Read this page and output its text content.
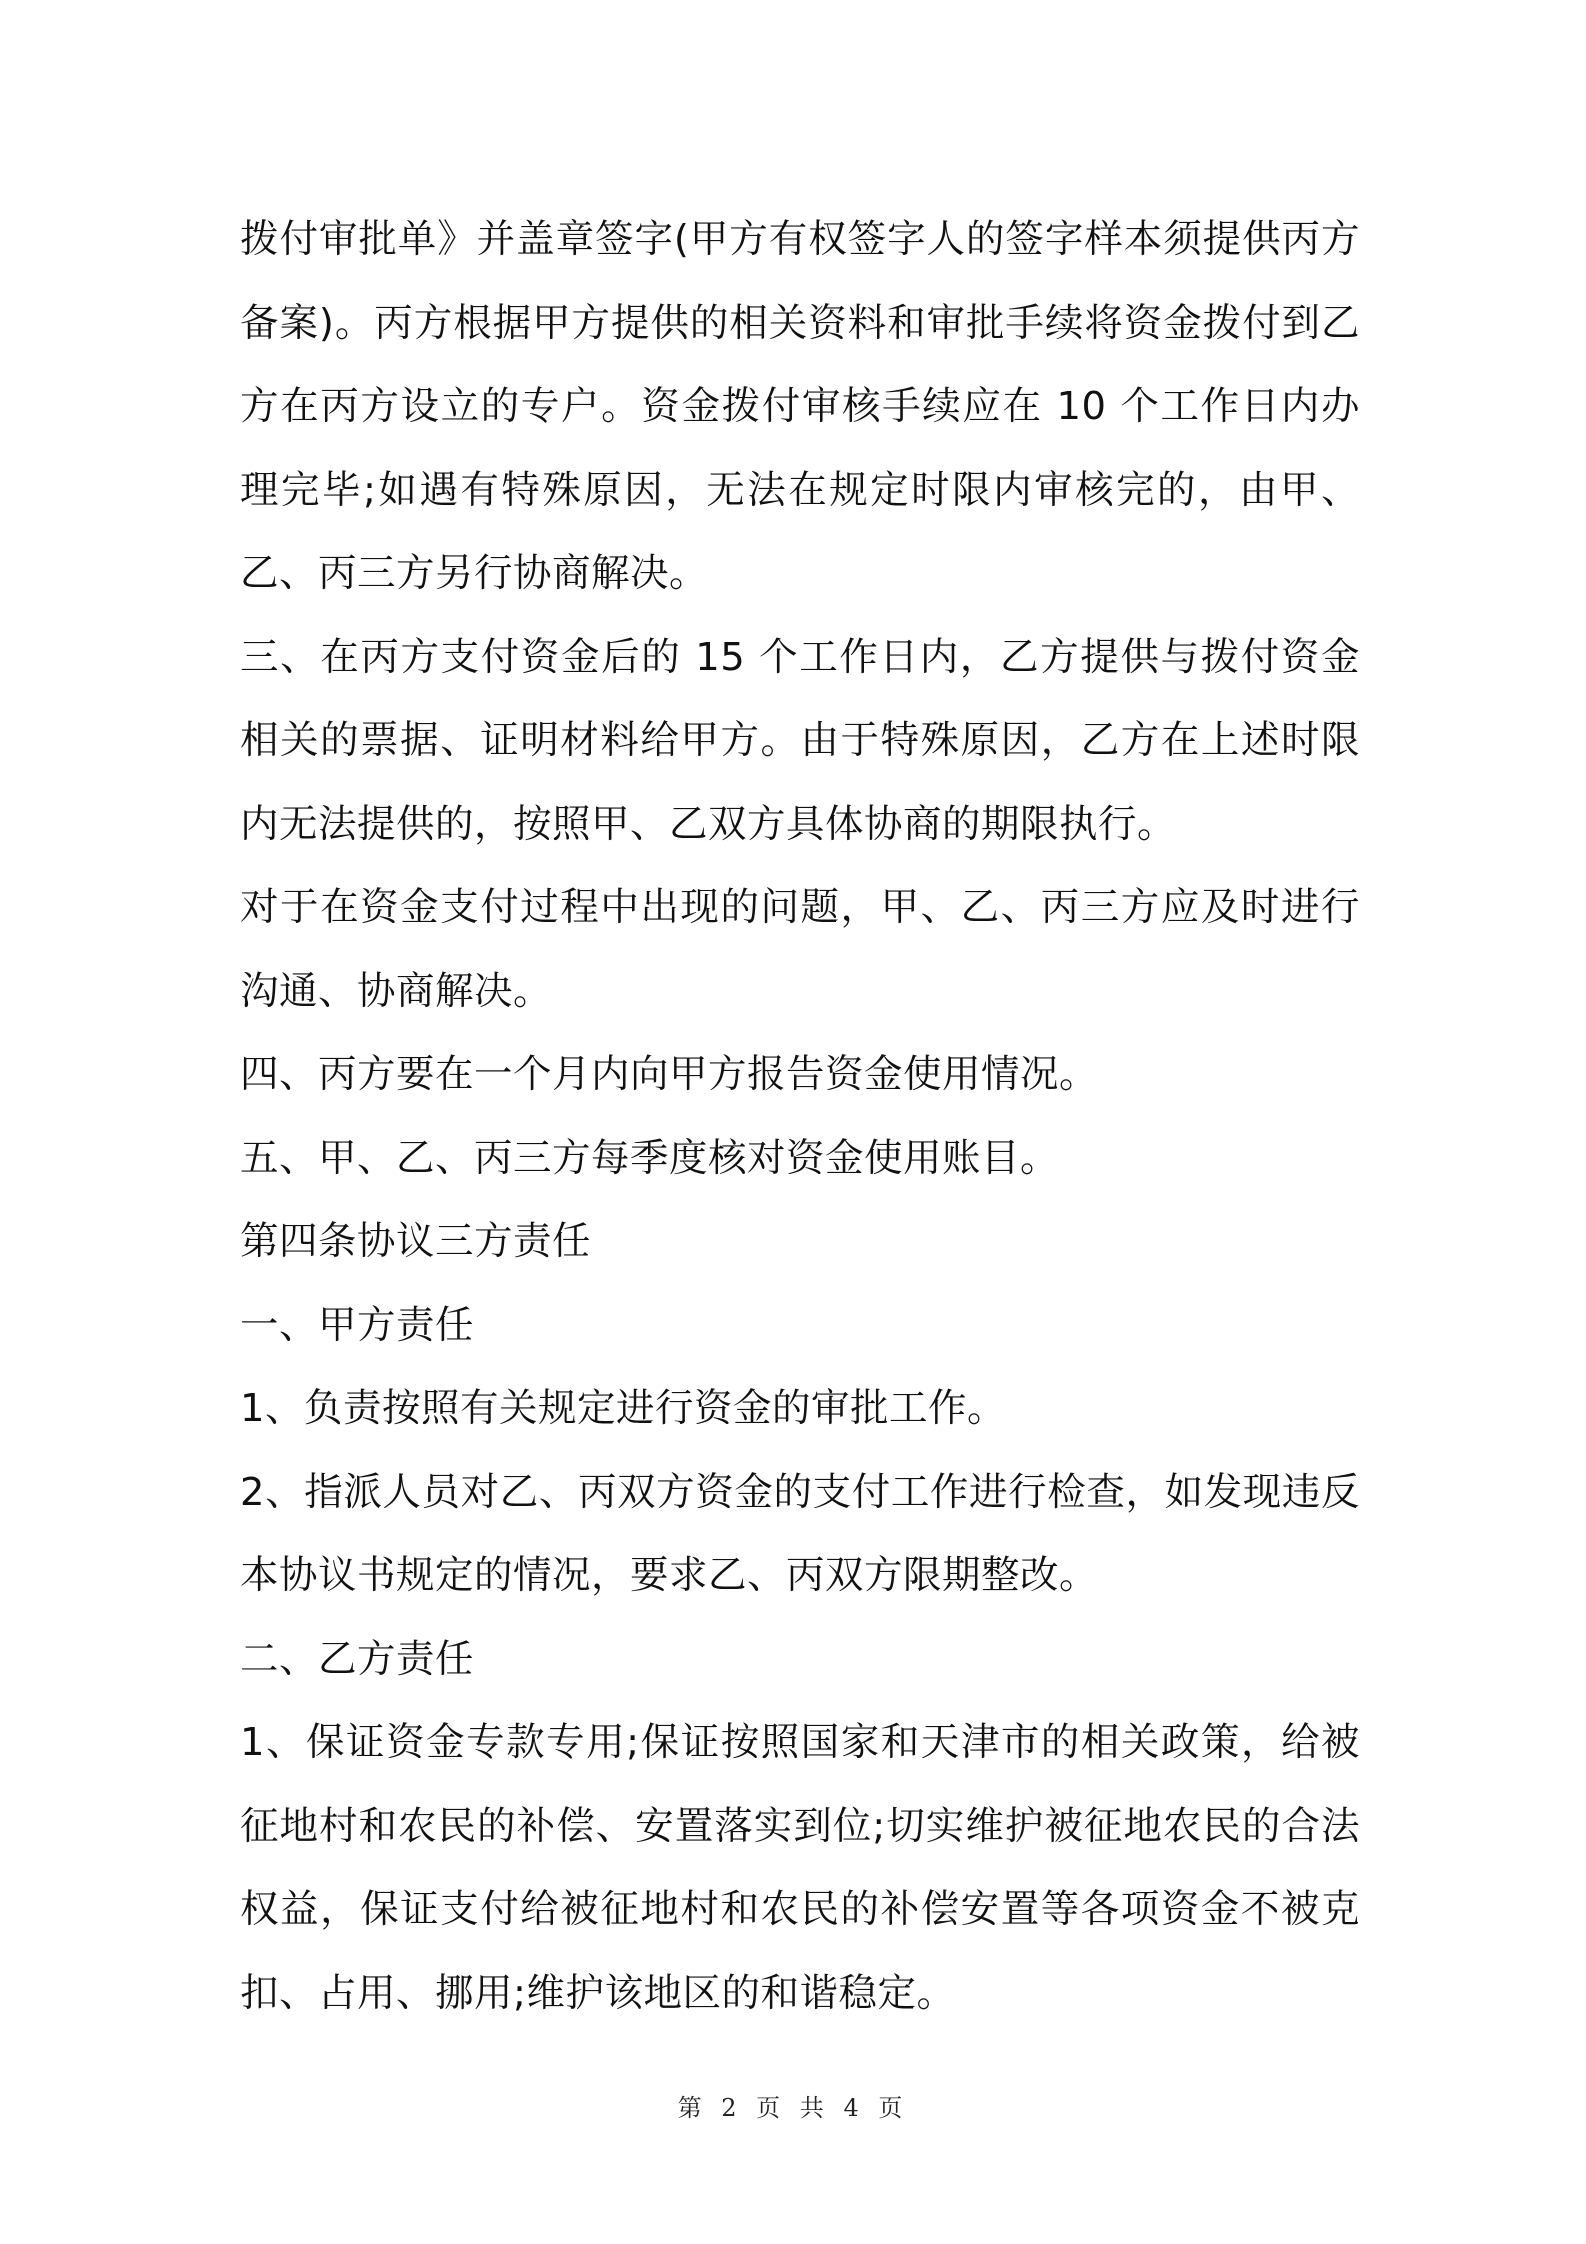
拨付审批单》并盖章签字(甲方有权签字人的签字样本须提供丙方备案)。丙方根据甲方提供的相关资料和审批手续将资金拨付到乙方在丙方设立的专户。资金拨付审核手续应在 10 个工作日内办理完毕;如遇有特殊原因，无法在规定时限内审核完的，由甲、乙、丙三方另行协商解决。

三、在丙方支付资金后的 15 个工作日内，乙方提供与拨付资金相关的票据、证明材料给甲方。由于特殊原因，乙方在上述时限内无法提供的，按照甲、乙双方具体协商的期限执行。

对于在资金支付过程中出现的问题，甲、乙、丙三方应及时进行沟通、协商解决。

四、丙方要在一个月内向甲方报告资金使用情况。

五、甲、乙、丙三方每季度核对资金使用账目。

第四条协议三方责任

一、甲方责任

1、负责按照有关规定进行资金的审批工作。

2、指派人员对乙、丙双方资金的支付工作进行检查，如发现违反本协议书规定的情况，要求乙、丙双方限期整改。

二、乙方责任

1、保证资金专款专用;保证按照国家和天津市的相关政策，给被征地村和农民的补偿、安置落实到位;切实维护被征地农民的合法权益，保证支付给被征地村和农民的补偿安置等各项资金不被克扣、占用、挪用;维护该地区的和谐稳定。

第 2 页 共 4 页
